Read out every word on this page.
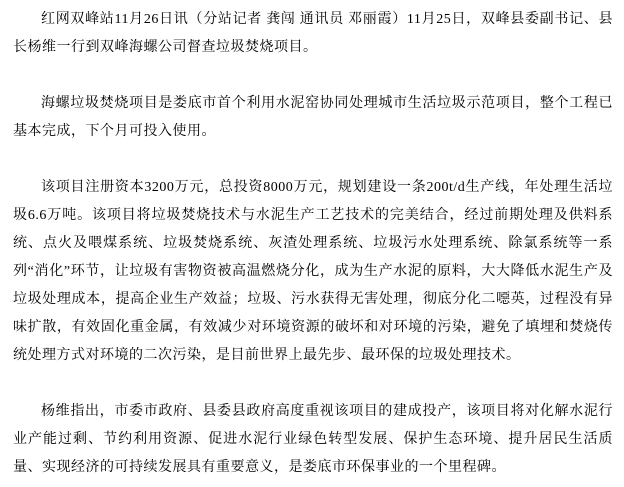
红网双峰站11月26日讯（分站记者 龚闯 通讯员 邓丽霞）11月25日，双峰县委副书记、县长杨维一行到双峰海螺公司督查垃圾焚烧项目。

海螺垃圾焚烧项目是娄底市首个利用水泥窑协同处理城市生活垃圾示范项目，整个工程已基本完成，下个月可投入使用。

该项目注册资本3200万元，总投资8000万元，规划建设一条200t/d生产线，年处理生活垃圾6.6万吨。该项目将垃圾焚烧技术与水泥生产工艺技术的完美结合，经过前期处理及供料系统、点火及喂煤系统、垃圾焚烧系统、灰渣处理系统、垃圾污水处理系统、除氯系统等一系列“消化”环节，让垃圾有害物资被高温燃烧分化，成为生产水泥的原料，大大降低水泥生产及垃圾处理成本，提高企业生产效益；垃圾、污水获得无害处理，彻底分化二噁英，过程没有异味扩散，有效固化重金属，有效减少对环境资源的破坏和对环境的污染，避免了填埋和焚烧传统处理方式对环境的二次污染，是目前世界上最先步、最环保的垃圾处理技术。

杨维指出，市委市政府、县委县政府高度重视该项目的建成投产，该项目将对化解水泥行业产能过剩、节约利用资源、促进水泥行业绿色转型发展、保护生态环境、提升居民生活质量、实现经济的可持续发展具有重要意义，是娄底市环保事业的一个里程碑。
